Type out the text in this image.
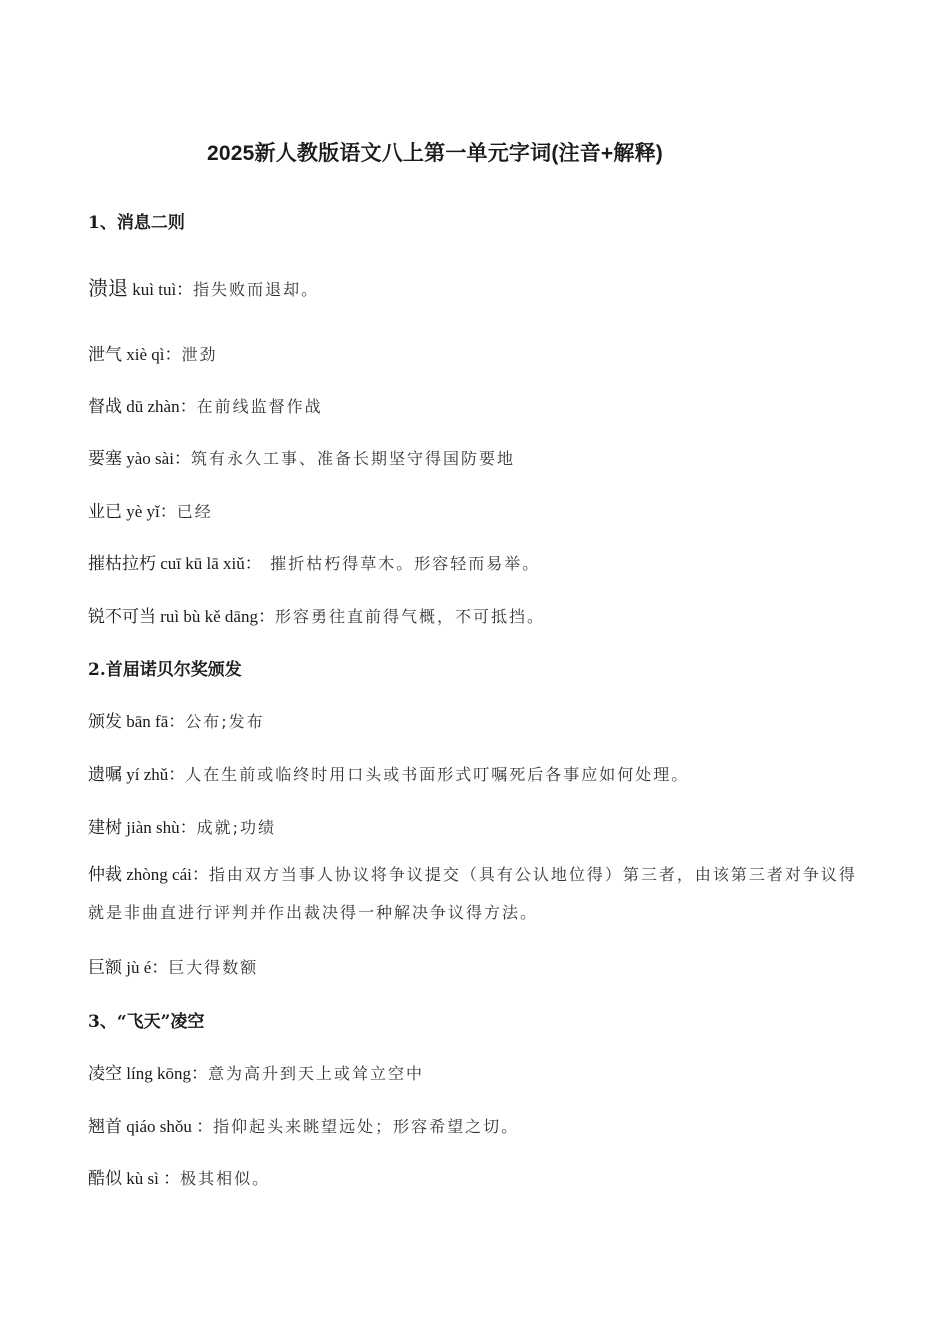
2025新人教版语文八上第一单元字词(注音+解释)
1、消息二则
溃退 kuì tuì：指失败而退却。
泄气 xiè qì：泄劲
督战 dū zhàn：在前线监督作战
要塞 yào sài：筑有永久工事、准备长期坚守得国防要地
业已 yè yǐ：已经
摧枯拉朽 cuī kū lā xiǔ：  摧折枯朽得草木。形容轻而易举。
锐不可当 ruì bù kě dāng：形容勇往直前得气概，不可抵挡。
2.首届诺贝尔奖颁发
颁发 bān fā：公布;发布
遗嘱 yí zhǔ：人在生前或临终时用口头或书面形式叮嘱死后各事应如何处理。
建树 jiàn shù：成就;功绩
仲裁 zhòng cái：指由双方当事人协议将争议提交（具有公认地位得）第三者，由该第三者对争议得就是非曲直进行评判并作出裁决得一种解决争议得方法。
巨额 jù é：巨大得数额
3、“飞天”凌空
凌空 líng kōng：意为高升到天上或耸立空中
翘首 qiáo shǒu ：指仰起头来眺望远处；形容希望之切。
酷似 kù sì ：极其相似。
